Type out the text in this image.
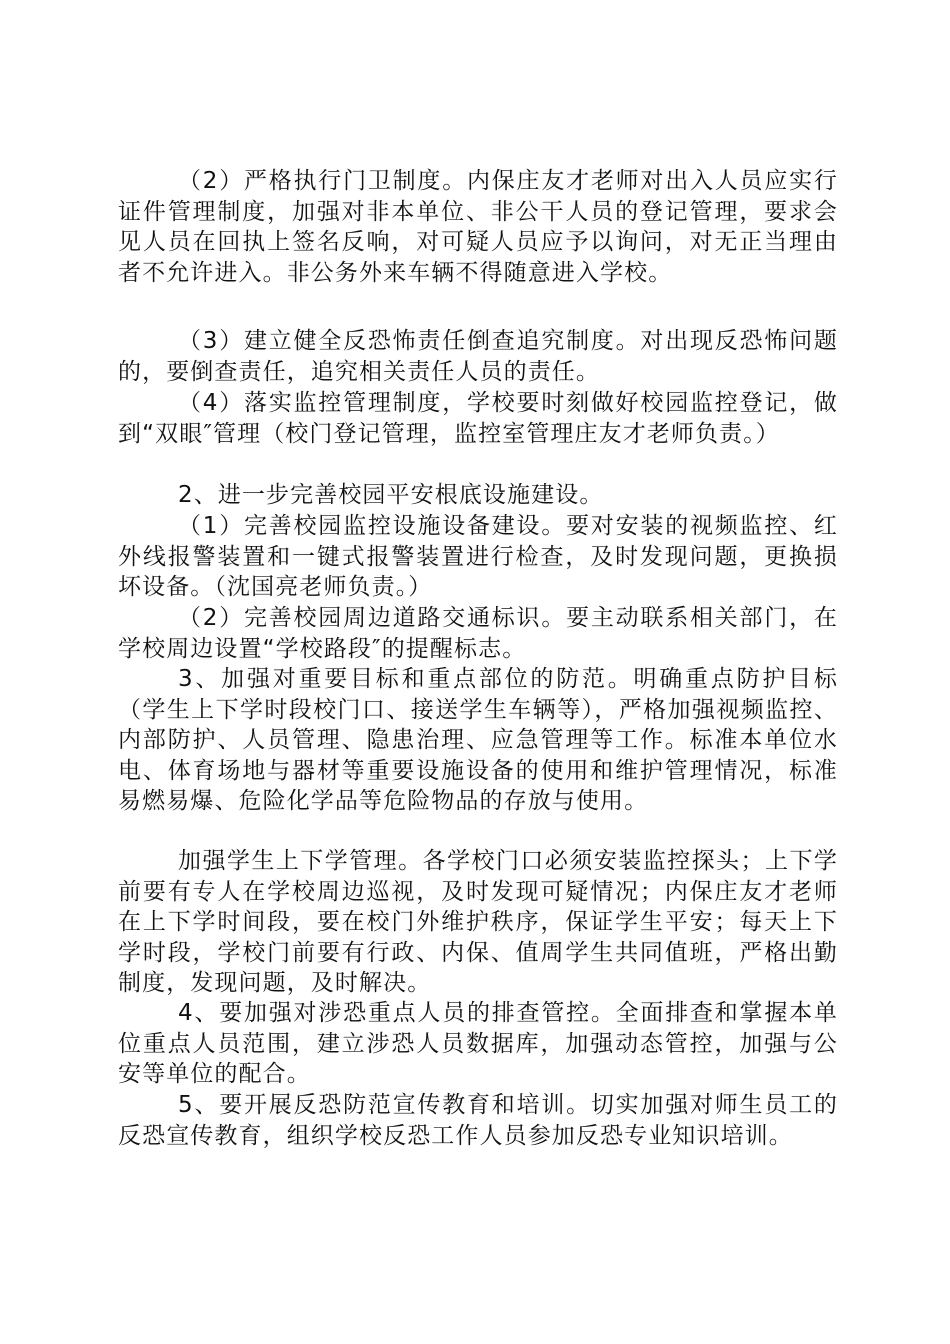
（2）严格执行门卫制度。内保庄友才老师对出入人员应实行证件管理制度，加强对非本单位、非公干人员的登记管理，要求会见人员在回执上签名反响，对可疑人员应予以询问，对无正当理由者不允许进入。非公务外来车辆不得随意进入学校。

（3）建立健全反恐怖责任倒查追究制度。对出现反恐怖问题的，要倒查责任，追究相关责任人员的责任。

（4）落实监控管理制度，学校要时刻做好校园监控登记，做到“双眼″管理（校门登记管理，监控室管理庄友才老师负责。）

2、进一步完善校园平安根底设施建设。

（1）完善校园监控设施设备建设。要对安装的视频监控、红外线报警装置和一键式报警装置进行检查，及时发现问题，更换损坏设备。（沈国亮老师负责。）

（2）完善校园周边道路交通标识。要主动联系相关部门，在学校周边设置“学校路段″的提醒标志。

3、加强对重要目标和重点部位的防范。明确重点防护目标（学生上下学时段校门口、接送学生车辆等），严格加强视频监控、内部防护、人员管理、隐患治理、应急管理等工作。标准本单位水电、体育场地与器材等重要设施设备的使用和维护管理情况，标准易燃易爆、危险化学品等危险物品的存放与使用。

加强学生上下学管理。各学校门口必须安装监控探头；上下学前要有专人在学校周边巡视，及时发现可疑情况；内保庄友才老师在上下学时间段，要在校门外维护秩序，保证学生平安；每天上下学时段，学校门前要有行政、内保、值周学生共同值班，严格出勤制度，发现问题，及时解决。

4、要加强对涉恐重点人员的排查管控。全面排查和掌握本单位重点人员范围，建立涉恐人员数据库，加强动态管控，加强与公安等单位的配合。

5、要开展反恐防范宣传教育和培训。切实加强对师生员工的反恐宣传教育，组织学校反恐工作人员参加反恐专业知识培训。
